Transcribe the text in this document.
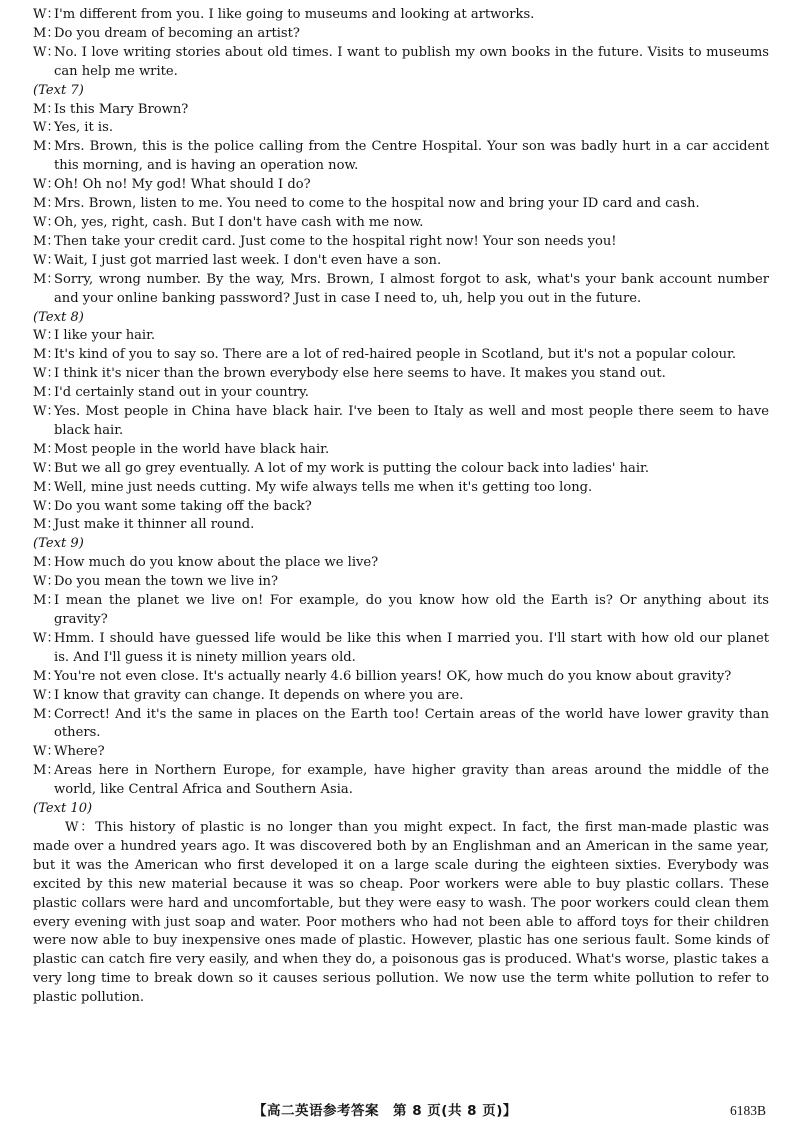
W：
I'm different from you. I like going to museums and looking at artworks.
M：
Do you dream of becoming an artist?
W：
No. I love writing stories about old times. I want to publish my own books in the future. Visits to museums can help me write.
(Text 7)
M：
Is this Mary Brown?
W：
Yes, it is.
M：
Mrs. Brown, this is the police calling from the Centre Hospital. Your son was badly hurt in a car accident this morning, and is having an operation now.
W：
Oh! Oh no! My god! What should I do?
M：
Mrs. Brown, listen to me. You need to come to the hospital now and bring your ID card and cash.
W：
Oh, yes, right, cash. But I don't have cash with me now.
M：
Then take your credit card. Just come to the hospital right now! Your son needs you!
W：
Wait, I just got married last week. I don't even have a son.
M：
Sorry, wrong number. By the way, Mrs. Brown, I almost forgot to ask, what's your bank account number and your online banking password? Just in case I need to, uh, help you out in the future.
(Text 8)
W：
I like your hair.
M：
It's kind of you to say so. There are a lot of red-haired people in Scotland, but it's not a popular colour.
W：
I think it's nicer than the brown everybody else here seems to have. It makes you stand out.
M：
I'd certainly stand out in your country.
W：
Yes. Most people in China have black hair. I've been to Italy as well and most people there seem to have black hair.
M：
Most people in the world have black hair.
W：
But we all go grey eventually. A lot of my work is putting the colour back into ladies' hair.
M：
Well, mine just needs cutting. My wife always tells me when it's getting too long.
W：
Do you want some taking off the back?
M：
Just make it thinner all round.
(Text 9)
M：
How much do you know about the place we live?
W：
Do you mean the town we live in?
M：
I mean the planet we live on! For example, do you know how old the Earth is? Or anything about its gravity?
W：
Hmm. I should have guessed life would be like this when I married you. I'll start with how old our planet is. And I'll guess it is ninety million years old.
M：
You're not even close. It's actually nearly 4.6 billion years! OK, how much do you know about gravity?
W：
I know that gravity can change. It depends on where you are.
M：
Correct! And it's the same in places on the Earth too! Certain areas of the world have lower gravity than others.
W：
Where?
M：
Areas here in Northern Europe, for example, have higher gravity than areas around the middle of the world, like Central Africa and Southern Asia.
(Text 10)
W：This history of plastic is no longer than you might expect. In fact, the first man-made plastic was made over a hundred years ago. It was discovered both by an Englishman and an American in the same year, but it was the American who first developed it on a large scale during the eighteen sixties. Everybody was excited by this new material because it was so cheap. Poor workers were able to buy plastic collars. These plastic collars were hard and uncomfortable, but they were easy to wash. The poor workers could clean them every evening with just soap and water. Poor mothers who had not been able to afford toys for their children were now able to buy inexpensive ones made of plastic. However, plastic has one serious fault. Some kinds of plastic can catch fire very easily, and when they do, a poisonous gas is produced. What's worse, plastic takes a very long time to break down so it causes serious pollution. We now use the term white pollution to refer to plastic pollution.
【高二英语参考答案　第 8 页(共 8 页)】	6183B
